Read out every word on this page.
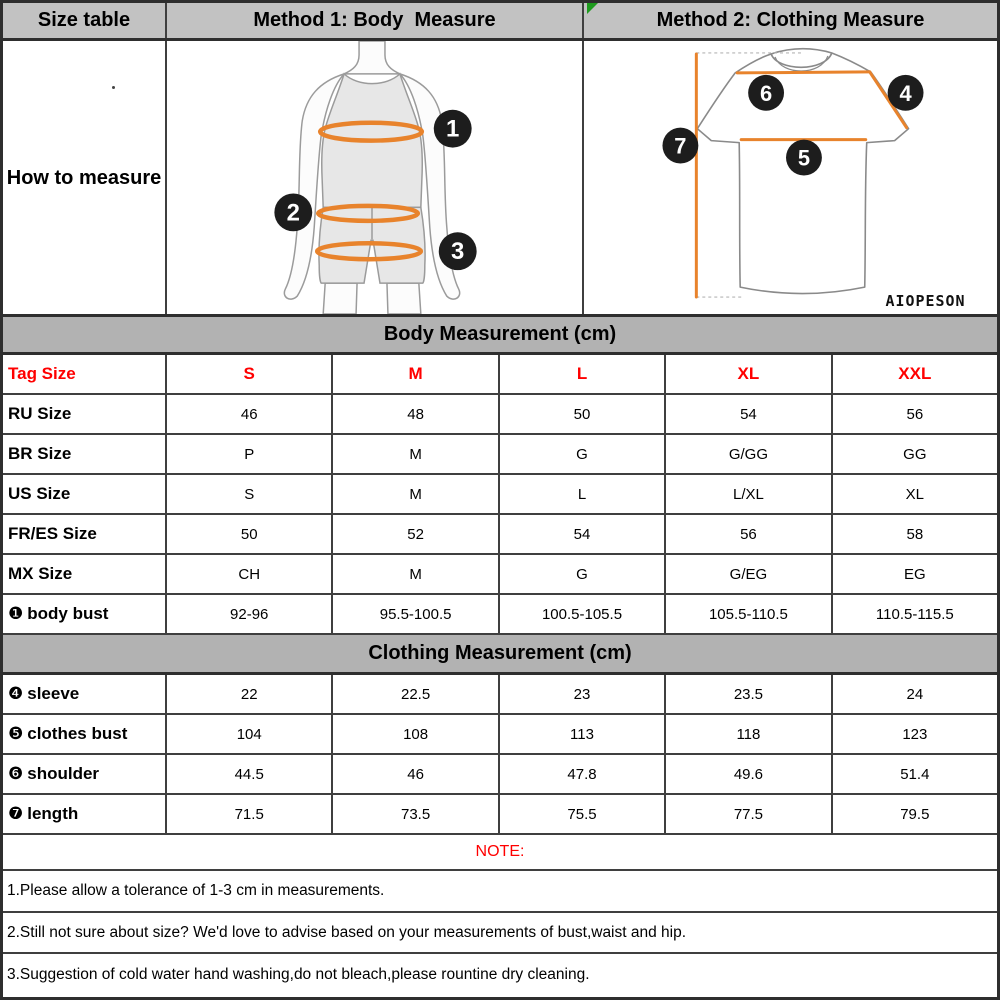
Size table	Method 1: Body  Measure	Method 2: Clothing Measure
How to measure
1
2
3
6	4
7	5
AIOPESON
Body Measurement (cm)
Tag Size	S	M	L	XL	XXL
RU Size	46	48	50	54	56
BR Size	P	M	G	G/GG	GG
US Size	S	M	L	L/XL	XL
FR/ES Size	50	52	54	56	58
MX Size	CH	M	G	G/EG	EG
❶ body bust	92-96	95.5-100.5	100.5-105.5	105.5-110.5	110.5-115.5
Clothing Measurement (cm)
❹ sleeve	22	22.5	23	23.5	24
❺ clothes bust	104	108	113	118	123
❻ shoulder	44.5	46	47.8	49.6	51.4
❼ length	71.5	73.5	75.5	77.5	79.5
NOTE:
1.Please allow a tolerance of 1-3 cm in measurements.
2.Still not sure about size? We'd love to advise based on your measurements of bust,waist and hip.
3.Suggestion of cold water hand washing,do not bleach,please rountine dry cleaning.
